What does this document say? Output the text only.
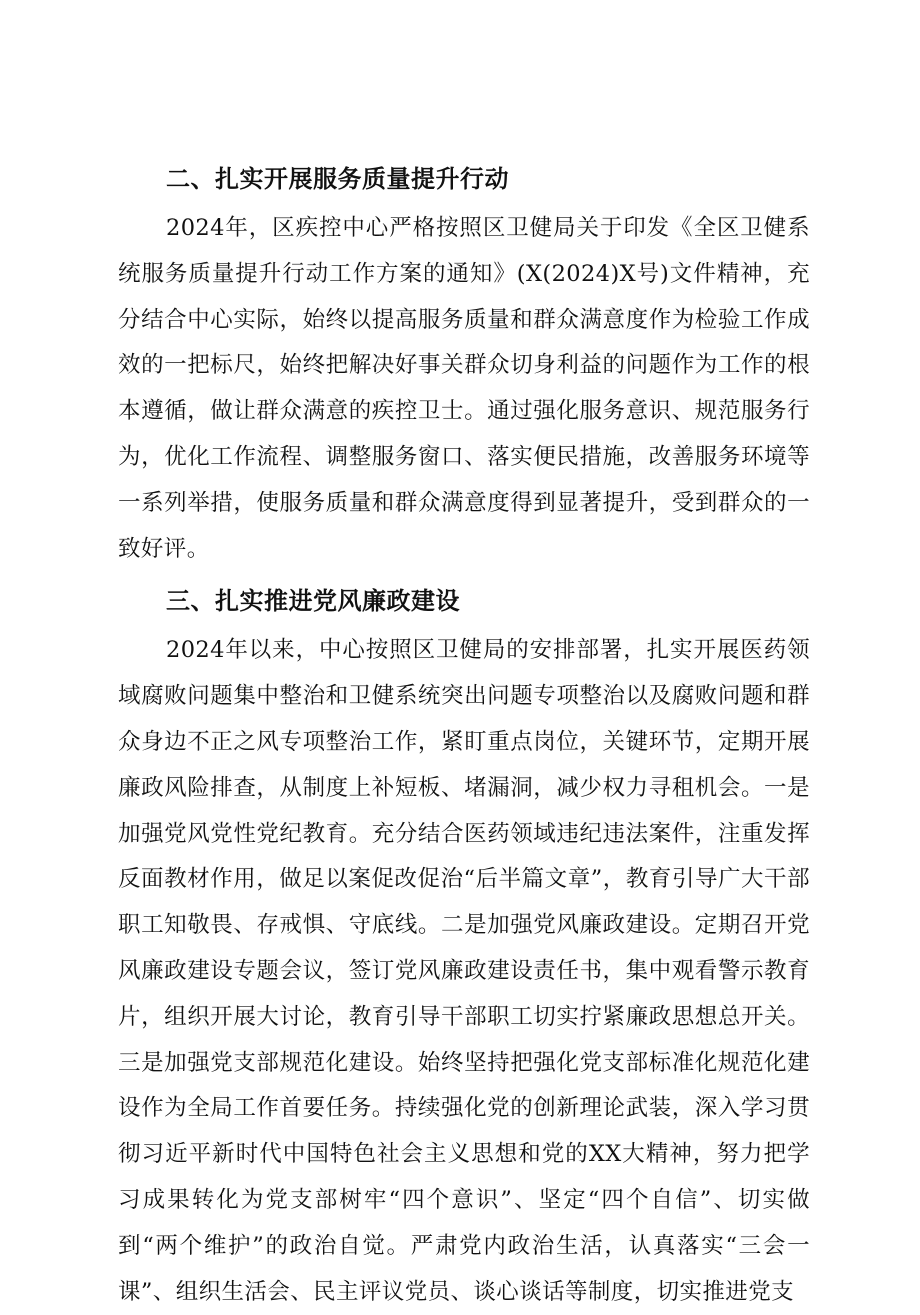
二、扎实开展服务质量提升行动

2024年，区疾控中心严格按照区卫健局关于印发《全区卫健系统服务质量提升行动工作方案的通知》(X(2024)X号)文件精神，充分结合中心实际，始终以提高服务质量和群众满意度作为检验工作成效的一把标尺，始终把解决好事关群众切身利益的问题作为工作的根本遵循，做让群众满意的疾控卫士。通过强化服务意识、规范服务行为，优化工作流程、调整服务窗口、落实便民措施，改善服务环境等一系列举措，使服务质量和群众满意度得到显著提升，受到群众的一致好评。

三、扎实推进党风廉政建设

2024年以来，中心按照区卫健局的安排部署，扎实开展医药领域腐败问题集中整治和卫健系统突出问题专项整治以及腐败问题和群众身边不正之风专项整治工作，紧盯重点岗位，关键环节，定期开展廉政风险排查，从制度上补短板、堵漏洞，减少权力寻租机会。一是加强党风党性党纪教育。充分结合医药领域违纪违法案件，注重发挥反面教材作用，做足以案促改促治“后半篇文章”，教育引导广大干部职工知敬畏、存戒惧、守底线。二是加强党风廉政建设。定期召开党风廉政建设专题会议，签订党风廉政建设责任书，集中观看警示教育片，组织开展大讨论，教育引导干部职工切实拧紧廉政思想总开关。三是加强党支部规范化建设。始终坚持把强化党支部标准化规范化建设作为全局工作首要任务。持续强化党的创新理论武装，深入学习贯彻习近平新时代中国特色社会主义思想和党的XX大精神，努力把学习成果转化为党支部树牢“四个意识”、坚定“四个自信”、切实做到“两个维护”的政治自觉。严肃党内政治生活，认真落实“三会一课”、组织生活会、民主评议党员、谈心谈话等制度，切实推进党支
